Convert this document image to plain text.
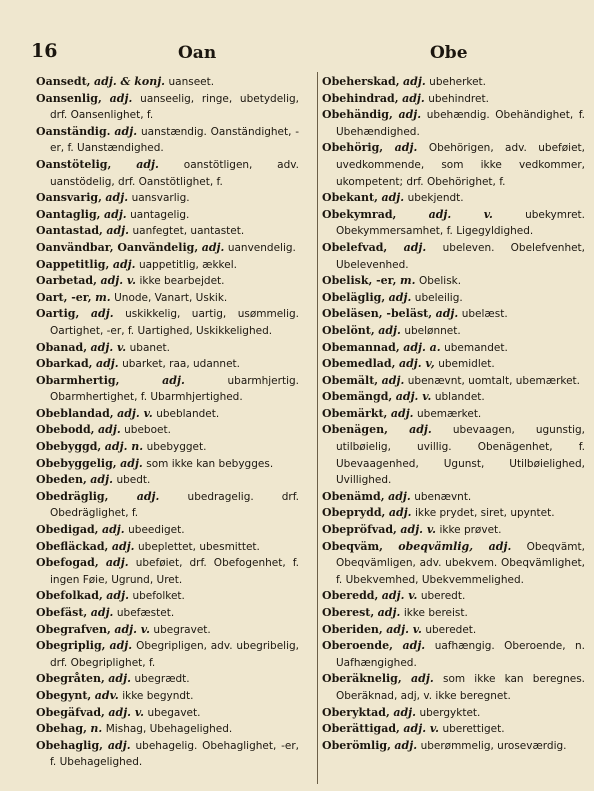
16	Oan	Obe

Oansedt, adj. & konj. uanseet.

Oansenlig, adj. uanseelig, ringe, ubetydelig, drf. Oansenlighet, f.

Oanständig. adj. uanstændig. Oanständighet, -er, f. Uanstændighed.

Oanstötelig, adj. oanstötligen, adv. uanstödelig, drf. Oanstötlighet, f.

Oansvarig, adj. uansvarlig.

Oantaglig, adj. uantagelig.

Oantastad, adj. uanfegtet, uantastet.

Oanvändbar, Oanvändelig, adj. uanvendelig.

Oappetitlig, adj. uappetitlig, ækkel.

Oarbetad, adj. v. ikke bearbejdet.

Oart, -er, m. Unode, Vanart, Uskik.

Oartig, adj. uskikkelig, uartig, usømmelig. Oartighet, -er, f. Uartighed, Uskikkelighed.

Obanad, adj. v. ubanet.

Obarkad, adj. ubarket, raa, udannet.

Obarmhertig,	adj.	ubarmhjertig. Obarmhertighet, f. Ubarmhjertighed.

Obeblandad, adj. v. ubeblandet.

Obebodd, adj. ubeboet.

Obebyggd, adj. n. ubebygget.

Obebyggelig, adj. som ikke kan bebygges.

Obeden, adj. ubedt.

Obedräglig,	adj.	ubedragelig. drf. Obedräglighet, f.

Obedigad, adj. ubeediget.

Obefläckad, adj. ubeplettet, ubesmittet.

Obefogad, adj. ubeføiet, drf. Obefogenhet, f. ingen Føie, Ugrund, Uret.

Obefolkad, adj. ubefolket.

Obefäst, adj. ubefæstet.

Obegrafven, adj. v. ubegravet.

Obegriplig, adj. Obegripligen, adv. ubegribelig, drf. Obegriplighet, f.

Obegråten, adj. ubegrædt.

Obegynt, adv. ikke begyndt.

Obegäfvad, adj. v. ubegavet.

Obehag, n. Mishag, Ubehagelighed.

Obehaglig, adj. ubehagelig. Obehaglighet, -er, f. Ubehagelighed.

Obeherskad, adj. ubeherket.

Obehindrad, adj. ubehindret.

Obehändig, adj. ubehændig. Obehändighet, f. Ubehændighed.

Obehörig, adj. Obehörigen, adv. ubeføiet, uvedkommende, som ikke vedkommer, ukompetent; drf. Obehörighet, f.

Obekant, adj. ubekjendt.

Obekymrad,	adj. v.	ubekymret. Obekymmersamhet, f. Ligegyldighed.

Obelefvad, adj. ubeleven. Obelefvenhet, Ubelevenhed.

Obelisk, -er, m. Obelisk.

Obeläglig, adj. ubeleilig.

Obeläsen, -beläst, adj. ubelæst.

Obelönt, adj. ubelønnet.

Obemannad, adj. a. ubemandet.

Obemedlad, adj. v, ubemidlet.

Obemält, adj. ubenævnt, uomtalt, ubemærket.

Obemängd, adj. v. ublandet.

Obemärkt, adj. ubemærket.

Obenägen, adj. ubevaagen, ugunstig, utilbøielig, uvillig. Obenägenhet, f. Ubevaagenhed, Ugunst, Utilbøielighed, Uvillighed.

Obenämd, adj. ubenævnt.

Obeprydd, adj. ikke prydet, siret, upyntet.

Obepröfvad, adj. v. ikke prøvet.

Obeqväm, obeqvämlig, adj. Obeqvämt, Obeqvämligen, adv. ubekvem. Obeqvämlighet, f. Ubekvemhed, Ubekvemmelighed.

Oberedd, adj. v. uberedt.

Oberest, adj. ikke bereist.

Oberiden, adj. v. uberedet.

Oberoende, adj. uafhængig. Oberoende, n. Uafhængighed.

Oberäknelig, adj. som ikke kan beregnes. Oberäknad, adj, v. ikke beregnet.

Oberyktad, adj. ubergyktet.

Oberättigad, adj. v. uberettiget.

Oberömlig, adj. uberømmelig, uroseværdig.
